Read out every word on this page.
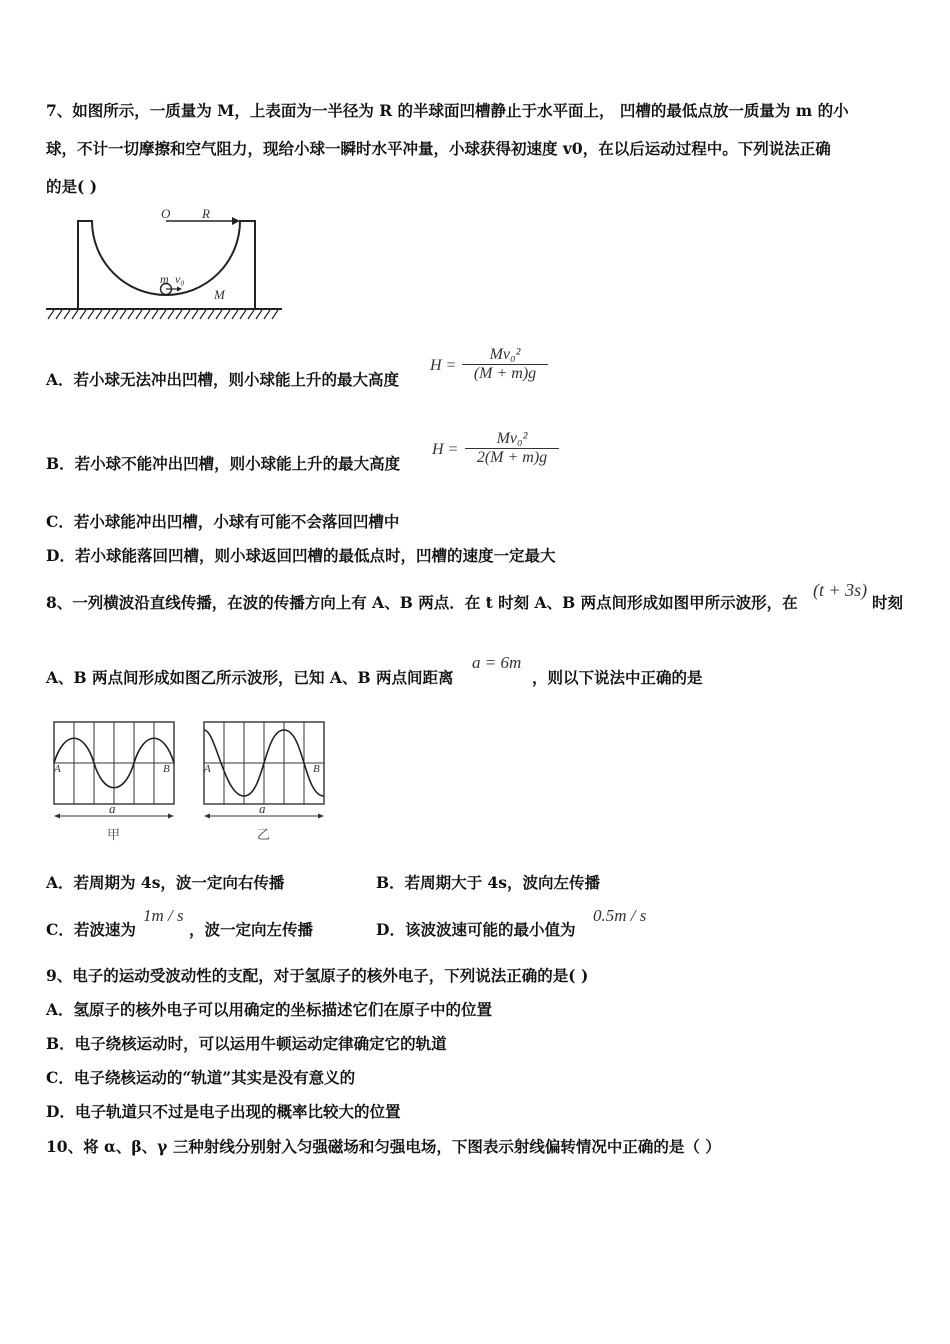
7、如图所示，一质量为 M，上表面为一半径为 R 的半球面凹槽静止于水平面上， 凹槽的最低点放一质量为 m 的小
球，不计一切摩擦和空气阻力，现给小球一瞬时水平冲量，小球获得初速度 v0，在以后运动过程中。下列说法正确
的是( )
O R
m v₀
M
A．若小球无法冲出凹槽，则小球能上升的最大高度
$H = \frac{\text{Mv₀²}}{(M + m)g}$
B．若小球不能冲出凹槽，则小球能上升的最大高度
$H = \frac{\text{Mv₀²}}{2(M + m)g}$
C．若小球能冲出凹槽，小球有可能不会落回凹槽中
D．若小球能落回凹槽，则小球返回凹槽的最低点时，凹槽的速度一定最大
8、一列横波沿直线传播，在波的传播方向上有 A、B 两点．在 t 时刻 A、B 两点间形成如图甲所示波形，在
(t + 3s)
时刻
A、B 两点间形成如图乙所示波形，已知 A、B 两点间距离
a = 6m
，则以下说法中正确的是
A	B
a
甲
A	B
a
乙
A．若周期为 4s，波一定向右传播	B．若周期大于 4s，波向左传播
C．若波速为
1m / s
，波一定向左传播	D．该波波速可能的最小值为
0.5m / s
9、电子的运动受波动性的支配，对于氢原子的核外电子，下列说法正确的是( )
A．氢原子的核外电子可以用确定的坐标描述它们在原子中的位置
B．电子绕核运动时，可以运用牛顿运动定律确定它的轨道
C．电子绕核运动的“轨道”其实是没有意义的
D．电子轨道只不过是电子出现的概率比较大的位置
10、将 α、β、γ 三种射线分别射入匀强磁场和匀强电场，下图表示射线偏转情况中正确的是（ ）
